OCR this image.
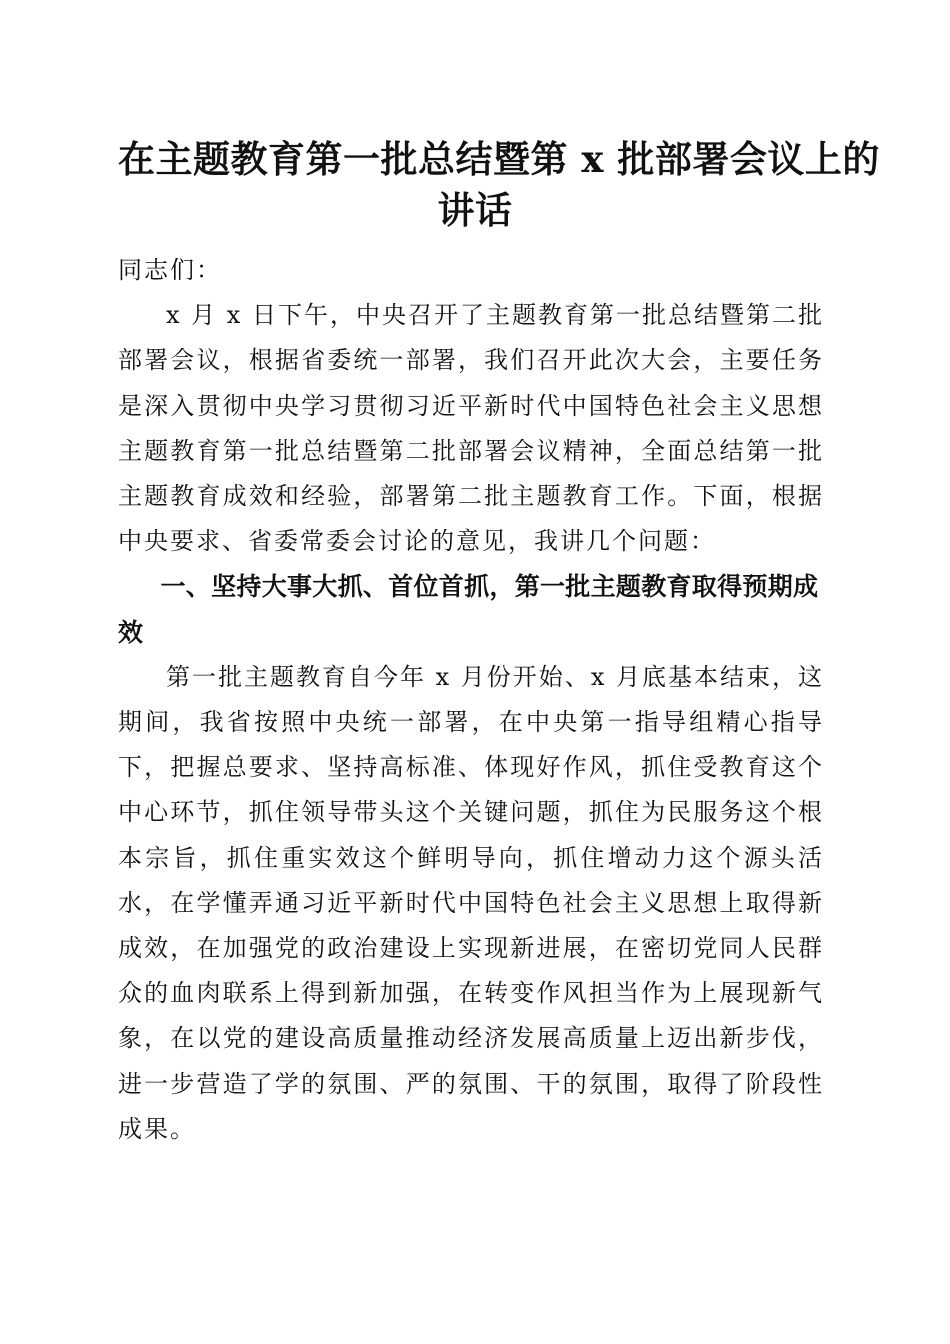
在主题教育第一批总结暨第 x 批部署会议上的
讲话

同志们：

x 月 x 日下午，中央召开了主题教育第一批总结暨第二批部署会议，根据省委统一部署，我们召开此次大会，主要任务是深入贯彻中央学习贯彻习近平新时代中国特色社会主义思想主题教育第一批总结暨第二批部署会议精神，全面总结第一批主题教育成效和经验，部署第二批主题教育工作。下面，根据中央要求、省委常委会讨论的意见，我讲几个问题：

一、坚持大事大抓、首位首抓，第一批主题教育取得预期成效

第一批主题教育自今年 x 月份开始、x 月底基本结束，这期间，我省按照中央统一部署，在中央第一指导组精心指导下，把握总要求、坚持高标准、体现好作风，抓住受教育这个中心环节，抓住领导带头这个关键问题，抓住为民服务这个根本宗旨，抓住重实效这个鲜明导向，抓住增动力这个源头活水，在学懂弄通习近平新时代中国特色社会主义思想上取得新成效，在加强党的政治建设上实现新进展，在密切党同人民群众的血肉联系上得到新加强，在转变作风担当作为上展现新气象，在以党的建设高质量推动经济发展高质量上迈出新步伐，进一步营造了学的氛围、严的氛围、干的氛围，取得了阶段性成果。
